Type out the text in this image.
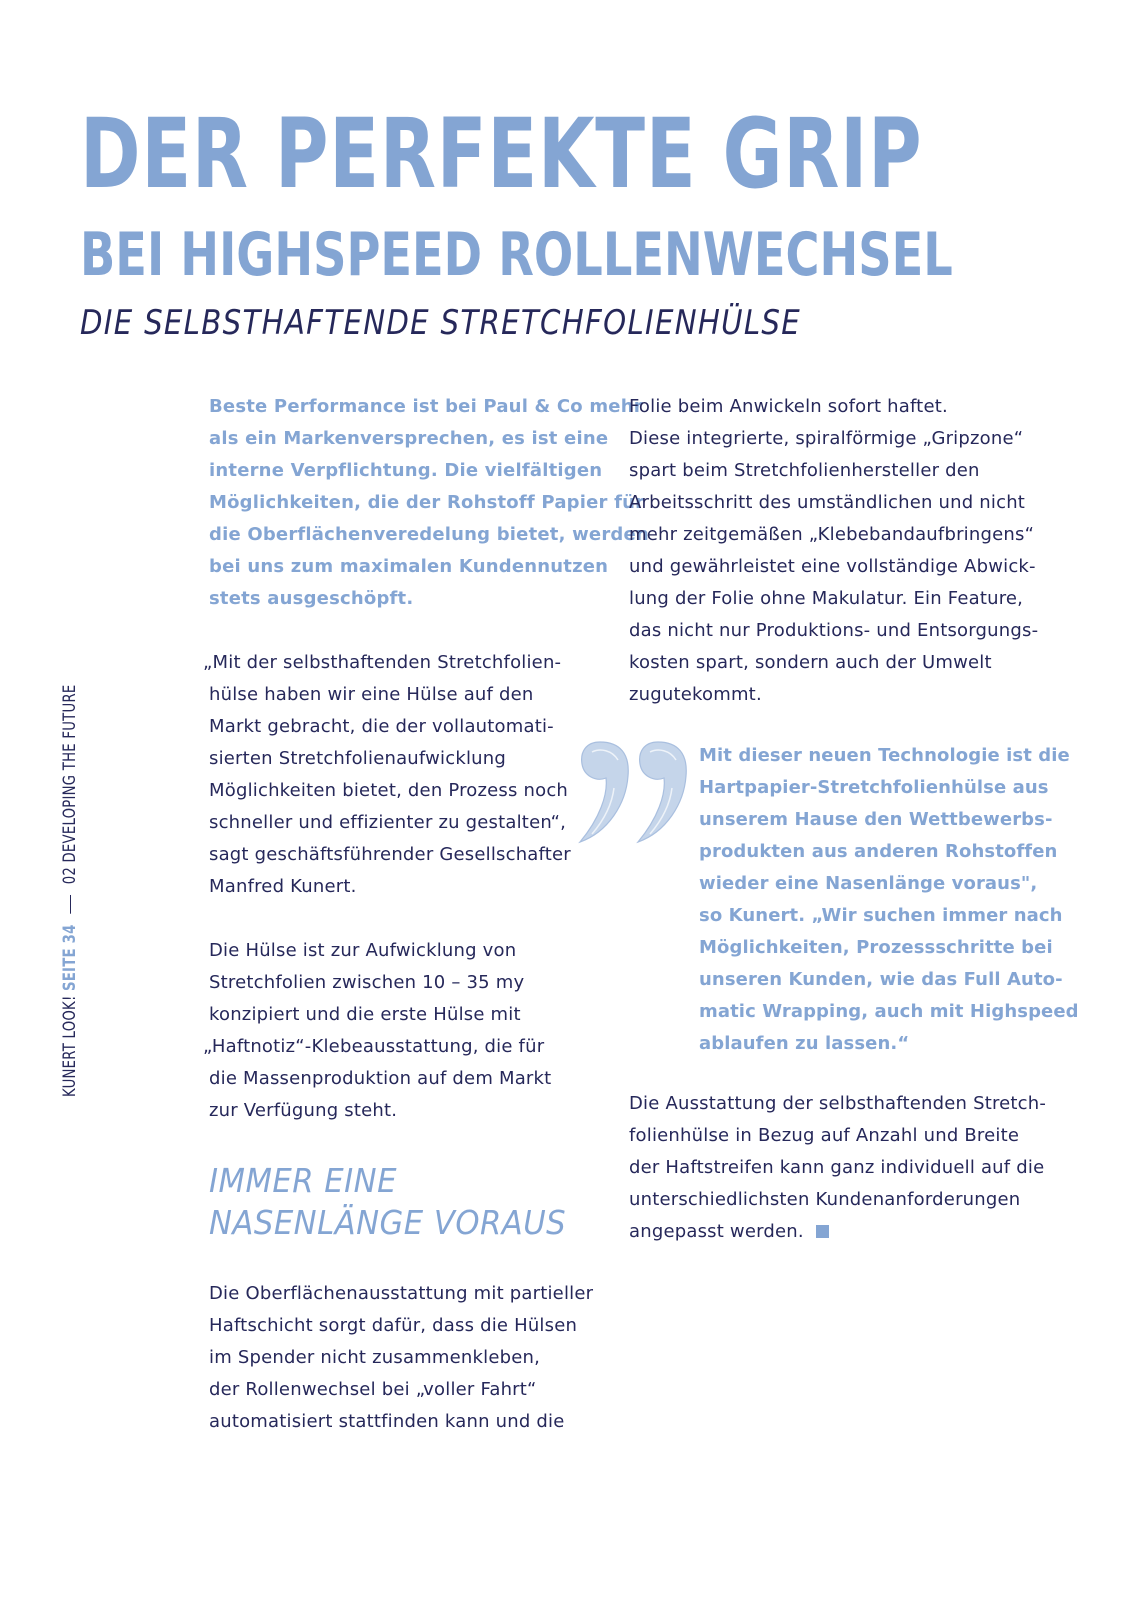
DER PERFEKTE GRIP
BEI HIGHSPEED ROLLENWECHSEL
DIE SELBSTHAFTENDE STRETCHFOLIENHÜLSE
KUNERT LOOK! SEITE 34  02 DEVELOPING THE FUTURE

Beste Performance ist bei Paul & Co mehr

als ein Markenversprechen, es ist eine

interne Verpflichtung. Die vielfältigen

Möglichkeiten, die der Rohstoff Papier für

die Oberflächenveredelung bietet, werden

bei uns zum maximalen Kundennutzen

stets ausgeschöpft.

„Mit der selbsthaftenden Stretchfolien-

hülse haben wir eine Hülse auf den

Markt gebracht, die der vollautomati-

sierten Stretchfolienaufwicklung

Möglichkeiten bietet, den Prozess noch

schneller und effizienter zu gestalten“,

sagt geschäftsführender Gesellschafter

Manfred Kunert.

Die Hülse ist zur Aufwicklung von

Stretchfolien zwischen 10 – 35 my

konzipiert und die erste Hülse mit

„Haftnotiz“-Klebeausstattung, die für

die Massenproduktion auf dem Markt

zur Verfügung steht.

IMMER EINE
NASENLÄNGE VORAUS

Die Oberflächenausstattung mit partieller

Haftschicht sorgt dafür, dass die Hülsen

im Spender nicht zusammenkleben,

der Rollenwechsel bei „voller Fahrt“

automatisiert stattfinden kann und die

Folie beim Anwickeln sofort haftet.

Diese integrierte, spiralförmige „Gripzone“

spart beim Stretchfolienhersteller den

Arbeitsschritt des umständlichen und nicht

mehr zeitgemäßen „Klebebandaufbringens“

und gewährleistet eine vollständige Abwick-

lung der Folie ohne Makulatur. Ein Feature,

das nicht nur Produktions- und Entsorgungs-

kosten spart, sondern auch der Umwelt

zugutekommt.

Mit dieser neuen Technologie ist die

Hartpapier-Stretchfolienhülse aus

unserem Hause den Wettbewerbs-

produkten aus anderen Rohstoffen

wieder eine Nasenlänge voraus",

so Kunert. „Wir suchen immer nach

Möglichkeiten, Prozessschritte bei

unseren Kunden, wie das Full Auto-

matic Wrapping, auch mit Highspeed

ablaufen zu lassen.“

Die Ausstattung der selbsthaftenden Stretch-

folienhülse in Bezug auf Anzahl und Breite

der Haftstreifen kann ganz individuell auf die

unterschiedlichsten Kundenanforderungen

angepasst werden.
